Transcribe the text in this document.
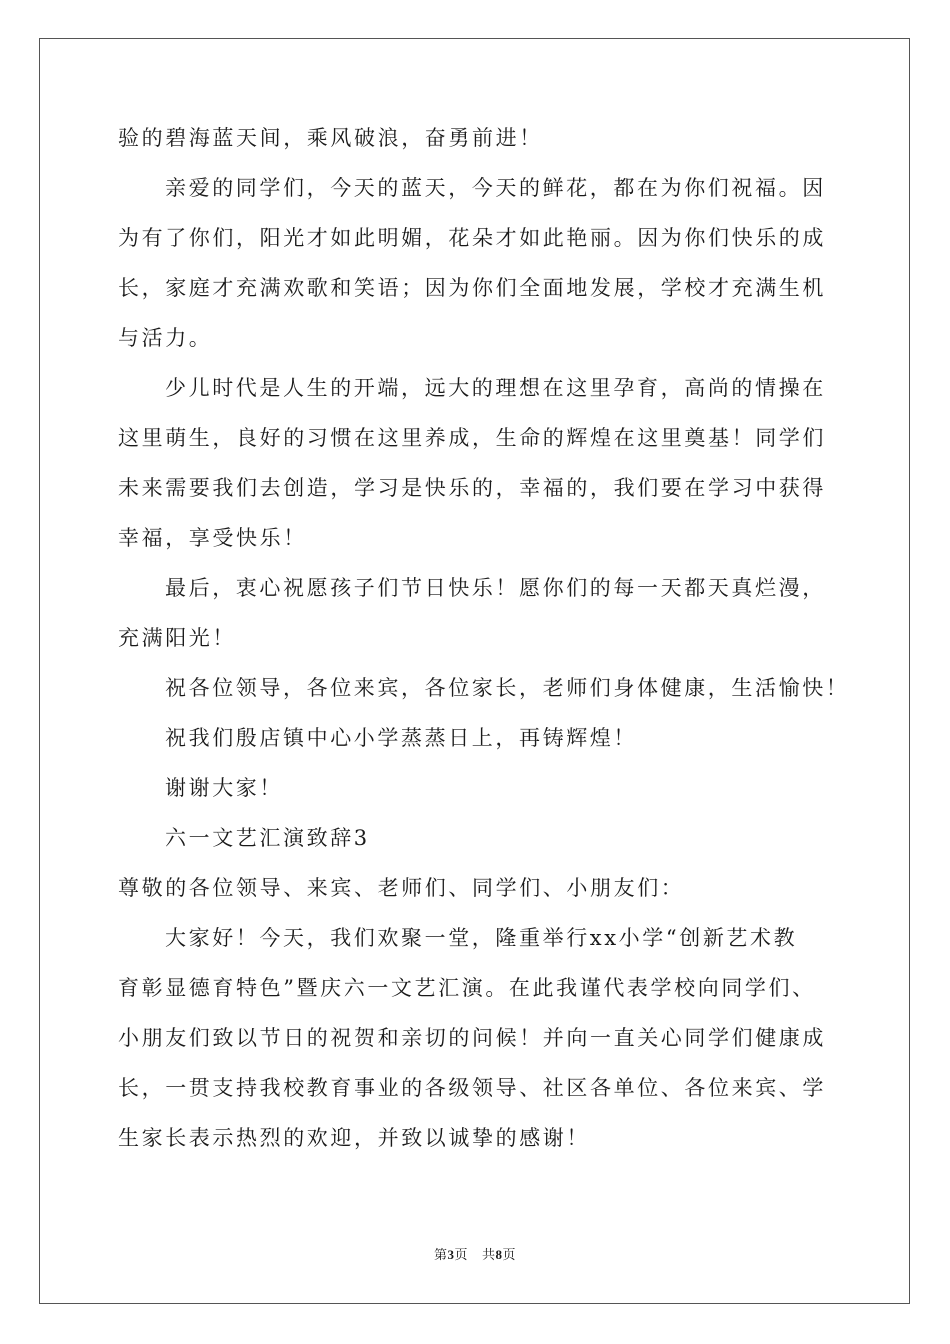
验的碧海蓝天间，乘风破浪，奋勇前进！
亲爱的同学们，今天的蓝天，今天的鲜花，都在为你们祝福。因
为有了你们，阳光才如此明媚，花朵才如此艳丽。因为你们快乐的成
长，家庭才充满欢歌和笑语；因为你们全面地发展，学校才充满生机
与活力。
少儿时代是人生的开端，远大的理想在这里孕育，高尚的情操在
这里萌生，良好的习惯在这里养成，生命的辉煌在这里奠基！同学们
未来需要我们去创造，学习是快乐的，幸福的，我们要在学习中获得
幸福，享受快乐！
最后，衷心祝愿孩子们节日快乐！愿你们的每一天都天真烂漫，
充满阳光！
祝各位领导，各位来宾，各位家长，老师们身体健康，生活愉快！
祝我们殷店镇中心小学蒸蒸日上，再铸辉煌！
谢谢大家！
六一文艺汇演致辞3
尊敬的各位领导、来宾、老师们、同学们、小朋友们：
大家好！今天，我们欢聚一堂，隆重举行xx小学“创新艺术教
育彰显德育特色”暨庆六一文艺汇演。在此我谨代表学校向同学们、
小朋友们致以节日的祝贺和亲切的问候！并向一直关心同学们健康成
长，一贯支持我校教育事业的各级领导、社区各单位、各位来宾、学
生家长表示热烈的欢迎，并致以诚挚的感谢！
第3页 共8页
